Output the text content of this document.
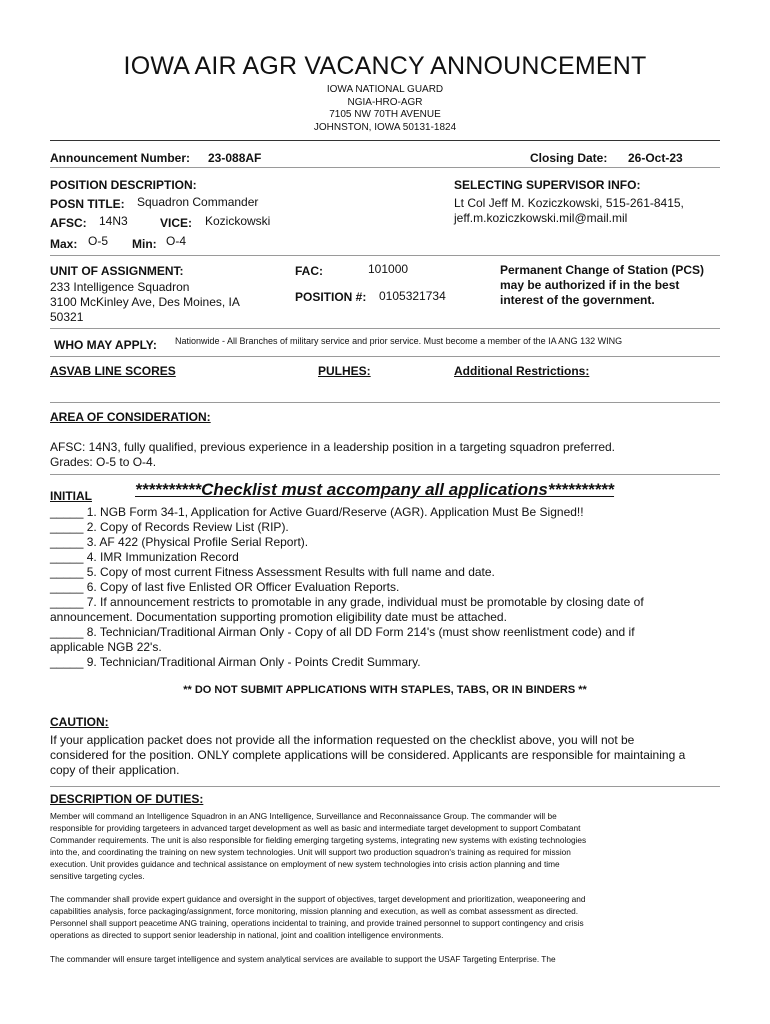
IOWA AIR AGR VACANCY ANNOUNCEMENT
IOWA NATIONAL GUARD
NGIA-HRO-AGR
7105 NW 70TH AVENUE
JOHNSTON, IOWA 50131-1824
Announcement Number: 23-088AF	Closing Date: 26-Oct-23
POSITION DESCRIPTION:
POSN TITLE: Squadron Commander
AFSC: 14N3	VICE: Kozickowski
Max: O-5 Min: O-4
SELECTING SUPERVISOR INFO:
Lt Col Jeff M. Koziczkowski, 515-261-8415,
jeff.m.koziczkowski.mil@mail.mil
UNIT OF ASSIGNMENT:
233 Intelligence Squadron
3100 McKinley Ave, Des Moines, IA
50321
FAC:	101000
POSITION #: 0105321734
Permanent Change of Station (PCS)
may be authorized if in the best
interest of the government.
WHO MAY APPLY: Nationwide - All Branches of military service and prior service. Must become a member of the IA ANG 132 WING
ASVAB LINE SCORES	PULHES:	Additional Restrictions:
AREA OF CONSIDERATION:
AFSC: 14N3, fully qualified, previous experience in a leadership position in a targeting squadron preferred.
Grades: O-5 to O-4.
INITIAL	**********Checklist must accompany all applications**********
_____ 1. NGB Form 34-1, Application for Active Guard/Reserve (AGR). Application Must Be Signed!!
_____ 2. Copy of Records Review List (RIP).
_____ 3. AF 422 (Physical Profile Serial Report).
_____ 4. IMR Immunization Record
_____ 5. Copy of most current Fitness Assessment Results with full name and date.
_____ 6. Copy of last five Enlisted OR Officer Evaluation Reports.
_____ 7. If announcement restricts to promotable in any grade, individual must be promotable by closing date of
announcement. Documentation supporting promotion eligibility date must be attached.
_____ 8. Technician/Traditional Airman Only - Copy of all DD Form 214's (must show reenlistment code) and if
applicable NGB 22's.
_____ 9. Technician/Traditional Airman Only - Points Credit Summary.
** DO NOT SUBMIT APPLICATIONS WITH STAPLES, TABS, OR IN BINDERS **
CAUTION:
If your application packet does not provide all the information requested on the checklist above, you will not be
considered for the position. ONLY complete applications will be considered. Applicants are responsible for maintaining a
copy of their application.
DESCRIPTION OF DUTIES:
Member will command an Intelligence Squadron in an ANG Intelligence, Surveillance and Reconnaissance Group. The commander will be
responsible for providing targeteers in advanced target development as well as basic and intermediate target development to support Combatant
Commander requirements. The unit is also responsible for fielding emerging targeting systems, integrating new systems with existing technologies
into the, and coordinating the training on new system technologies. Unit will support two production squadron's training as required for mission
execution. Unit provides guidance and technical assistance on employment of new system technologies into crisis action planning and time
sensitive targeting cycles.
The commander shall provide expert guidance and oversight in the support of objectives, target development and prioritization, weaponeering and
capabilities analysis, force packaging/assignment, force monitoring, mission planning and execution, as well as combat assessment as directed.
Personnel shall support peacetime ANG training, operations incidental to training, and provide trained personnel to support contingency and crisis
operations as directed to support senior leadership in national, joint and coalition intelligence environments.
The commander will ensure target intelligence and system analytical services are available to support the USAF Targeting Enterprise. The
